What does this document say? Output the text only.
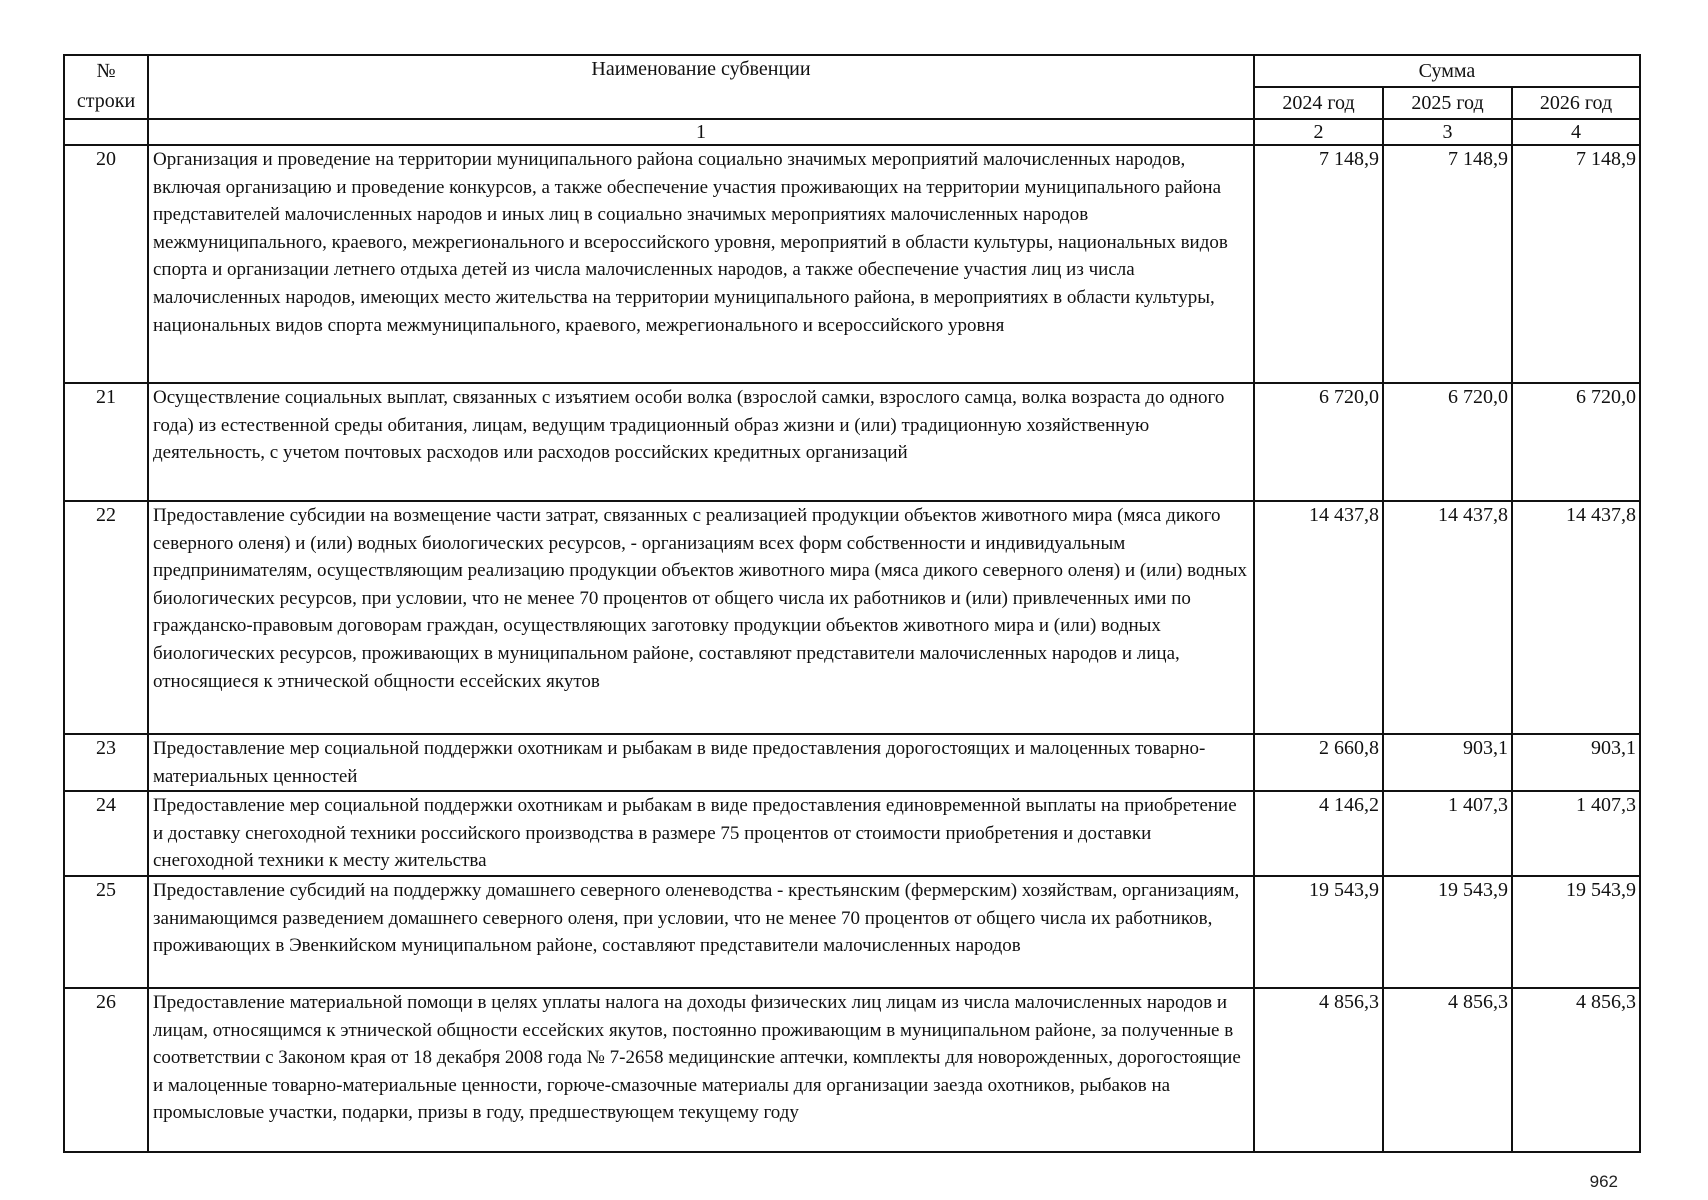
№
строки	Наименование субвенции	Сумма		
		2024 год	2025 год	2026 год
	1	2	3	4
20	Организация и проведение на территории муниципального района социально значимых мероприятий малочисленных народов, включая организацию и проведение конкурсов, а также обеспечение участия проживающих на территории муниципального района представителей малочисленных народов и иных лиц в социально значимых мероприятиях малочисленных народов межмуниципального, краевого, межрегионального и всероссийского уровня, мероприятий в области культуры, национальных видов спорта и организации летнего отдыха детей из числа малочисленных народов, а также обеспечение участия лиц из числа малочисленных народов, имеющих место жительства на территории муниципального района, в мероприятиях в области культуры, национальных видов спорта межмуниципального, краевого, межрегионального и всероссийского уровня	7 148,9	7 148,9	7 148,9
21	Осуществление социальных выплат, связанных с изъятием особи волка (взрослой самки, взрослого самца, волка возраста до одного года) из естественной среды обитания, лицам, ведущим традиционный образ жизни и (или) традиционную хозяйственную деятельность, с учетом почтовых расходов или расходов российских кредитных организаций	6 720,0	6 720,0	6 720,0
22	Предоставление субсидии на возмещение части затрат, связанных с реализацией продукции объектов животного мира (мяса дикого северного оленя) и (или) водных биологических ресурсов, - организациям всех форм собственности и индивидуальным предпринимателям, осуществляющим реализацию продукции объектов животного мира (мяса дикого северного оленя) и (или) водных биологических ресурсов, при условии, что не менее 70 процентов от общего числа их работников и (или) привлеченных ими по гражданско-правовым договорам граждан, осуществляющих заготовку продукции объектов животного мира и (или) водных биологических ресурсов, проживающих в муниципальном районе, составляют представители малочисленных народов и лица, относящиеся к этнической общности ессейских якутов	14 437,8	14 437,8	14 437,8
23	Предоставление мер социальной поддержки охотникам и рыбакам в виде предоставления дорогостоящих и малоценных товарно-материальных ценностей	2 660,8	903,1	903,1
24	Предоставление мер социальной поддержки охотникам и рыбакам в виде предоставления единовременной выплаты на приобретение и доставку снегоходной техники российского производства в размере 75 процентов от стоимости приобретения и доставки снегоходной техники к месту жительства	4 146,2	1 407,3	1 407,3
25	Предоставление субсидий на поддержку домашнего северного оленеводства - крестьянским (фермерским) хозяйствам, организациям, занимающимся разведением домашнего северного оленя, при условии, что не менее 70 процентов от общего числа их работников, проживающих в Эвенкийском муниципальном районе, составляют представители малочисленных народов	19 543,9	19 543,9	19 543,9
26	Предоставление материальной помощи в целях уплаты налога на доходы физических лиц лицам из числа малочисленных народов и лицам, относящимся к этнической общности ессейских якутов, постоянно проживающим в муниципальном районе, за полученные в соответствии с Законом края от 18 декабря 2008 года № 7-2658 медицинские аптечки, комплекты для новорожденных, дорогостоящие и малоценные товарно-материальные ценности, горюче-смазочные материалы для организации заезда охотников, рыбаков на промысловые участки, подарки, призы в году, предшествующем текущему году	4 856,3	4 856,3	4 856,3
962
